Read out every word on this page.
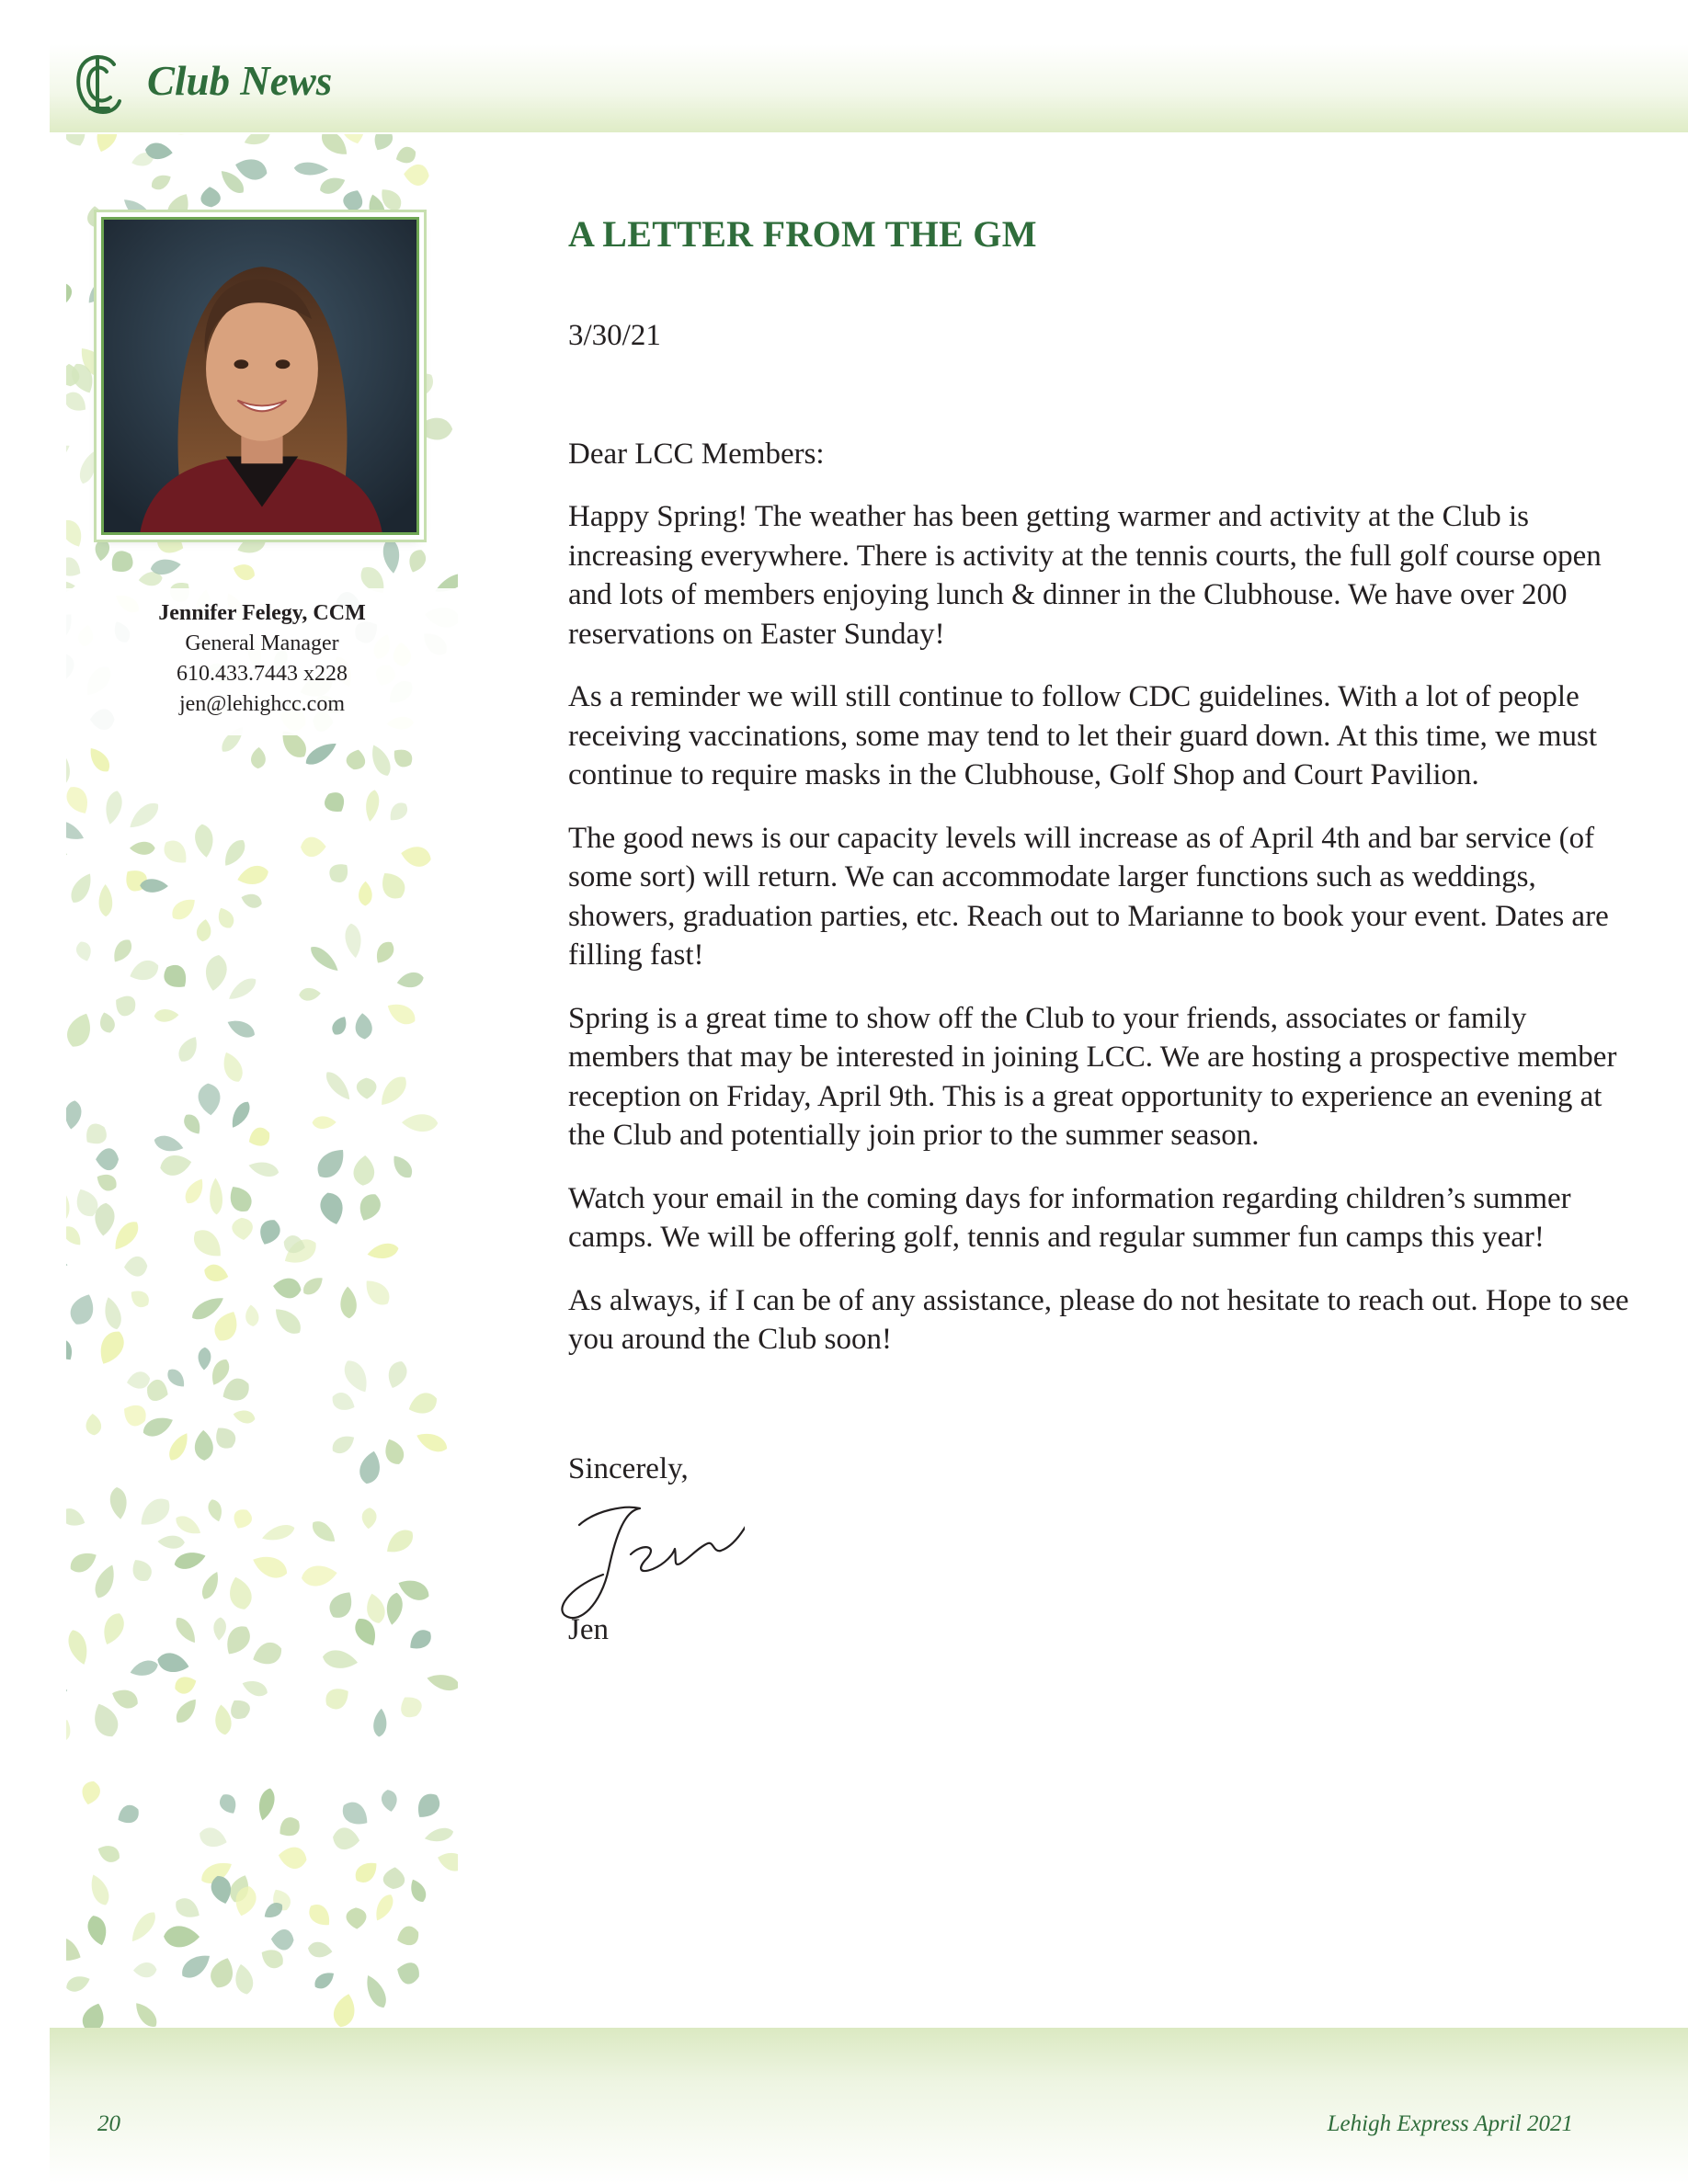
Club News
Jennifer Felegy, CCM
General Manager
610.433.7443 x228
jen@lehighcc.com
A LETTER FROM THE GM
3/30/21
Dear LCC Members:

Happy Spring! The weather has been getting warmer and activity at the Club is increasing everywhere. There is activity at the tennis courts, the full golf course open and lots of members enjoying lunch & dinner in the Clubhouse. We have over 200 reservations on Easter Sunday!

As a reminder we will still continue to follow CDC guidelines. With a lot of people receiving vaccinations, some may tend to let their guard down. At this time, we must continue to require masks in the Clubhouse, Golf Shop and Court Pavilion.

The good news is our capacity levels will increase as of April 4th and bar service (of some sort) will return. We can accommodate larger functions such as weddings, showers, graduation parties, etc. Reach out to Marianne to book your event. Dates are filling fast!

Spring is a great time to show off the Club to your friends, associates or family members that may be interested in joining LCC. We are hosting a prospective member reception on Friday, April 9th. This is a great opportunity to experience an evening at the Club and potentially join prior to the summer season.

Watch your email in the coming days for information regarding children’s summer camps. We will be offering golf, tennis and regular summer fun camps this year!

As always, if I can be of any assistance, please do not hesitate to reach out. Hope to see you around the Club soon!

Sincerely,
Jen
20	Lehigh Express April 2021
